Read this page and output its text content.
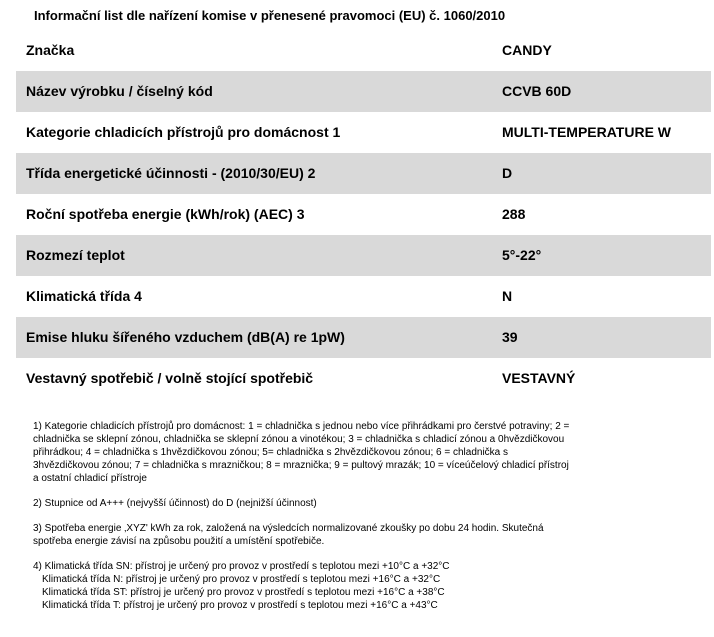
Informační list dle nařízení komise v přenesené pravomoci (EU) č. 1060/2010
Značka	CANDY
Název výrobku / číselný kód	CCVB 60D
Kategorie chladicích přístrojů pro domácnost 1	MULTI-TEMPERATURE W
Třída energetické účinnosti - (2010/30/EU) 2	D
Roční spotřeba energie (kWh/rok) (AEC) 3	288
Rozmezí teplot	5°-22°
Klimatická třída 4	N
Emise hluku šířeného vzduchem (dB(A) re 1pW)	39
Vestavný spotřebič / volně stojící spotřebič	VESTAVNÝ
1) Kategorie chladicích přístrojů pro domácnost: 1 = chladnička s jednou nebo více přihrádkami pro čerstvé potraviny; 2 =
chladnička se sklepní zónou, chladnička se sklepní zónou a vinotékou; 3 = chladnička s chladicí zónou a 0hvězdičkovou
přihrádkou; 4 = chladnička s 1hvězdičkovou zónou; 5= chladnička s 2hvězdičkovou zónou; 6 = chladnička s
3hvězdičkovou zónou; 7 = chladnička s mrazničkou; 8 = mraznička; 9 = pultový mrazák; 10 = víceúčelový chladicí přístroj
a ostatní chladicí přístroje
2) Stupnice od A+++ (nejvyšší účinnost) do D (nejnižší účinnost)
3) Spotřeba energie ‚XYZ' kWh za rok, založená na výsledcích normalizované zkoušky po dobu 24 hodin. Skutečná
spotřeba energie závisí na způsobu použití a umístění spotřebiče.
4) Klimatická třída SN: přístroj je určený pro provoz v prostředí s teplotou mezi +10°C a +32°C
Klimatická třída N: přístroj je určený pro provoz v prostředí s teplotou mezi +16°C a +32°C
Klimatická třída ST: přístroj je určený pro provoz v prostředí s teplotou mezi +16°C a +38°C
Klimatická třída T: přístroj je určený pro provoz v prostředí s teplotou mezi +16°C a +43°C
